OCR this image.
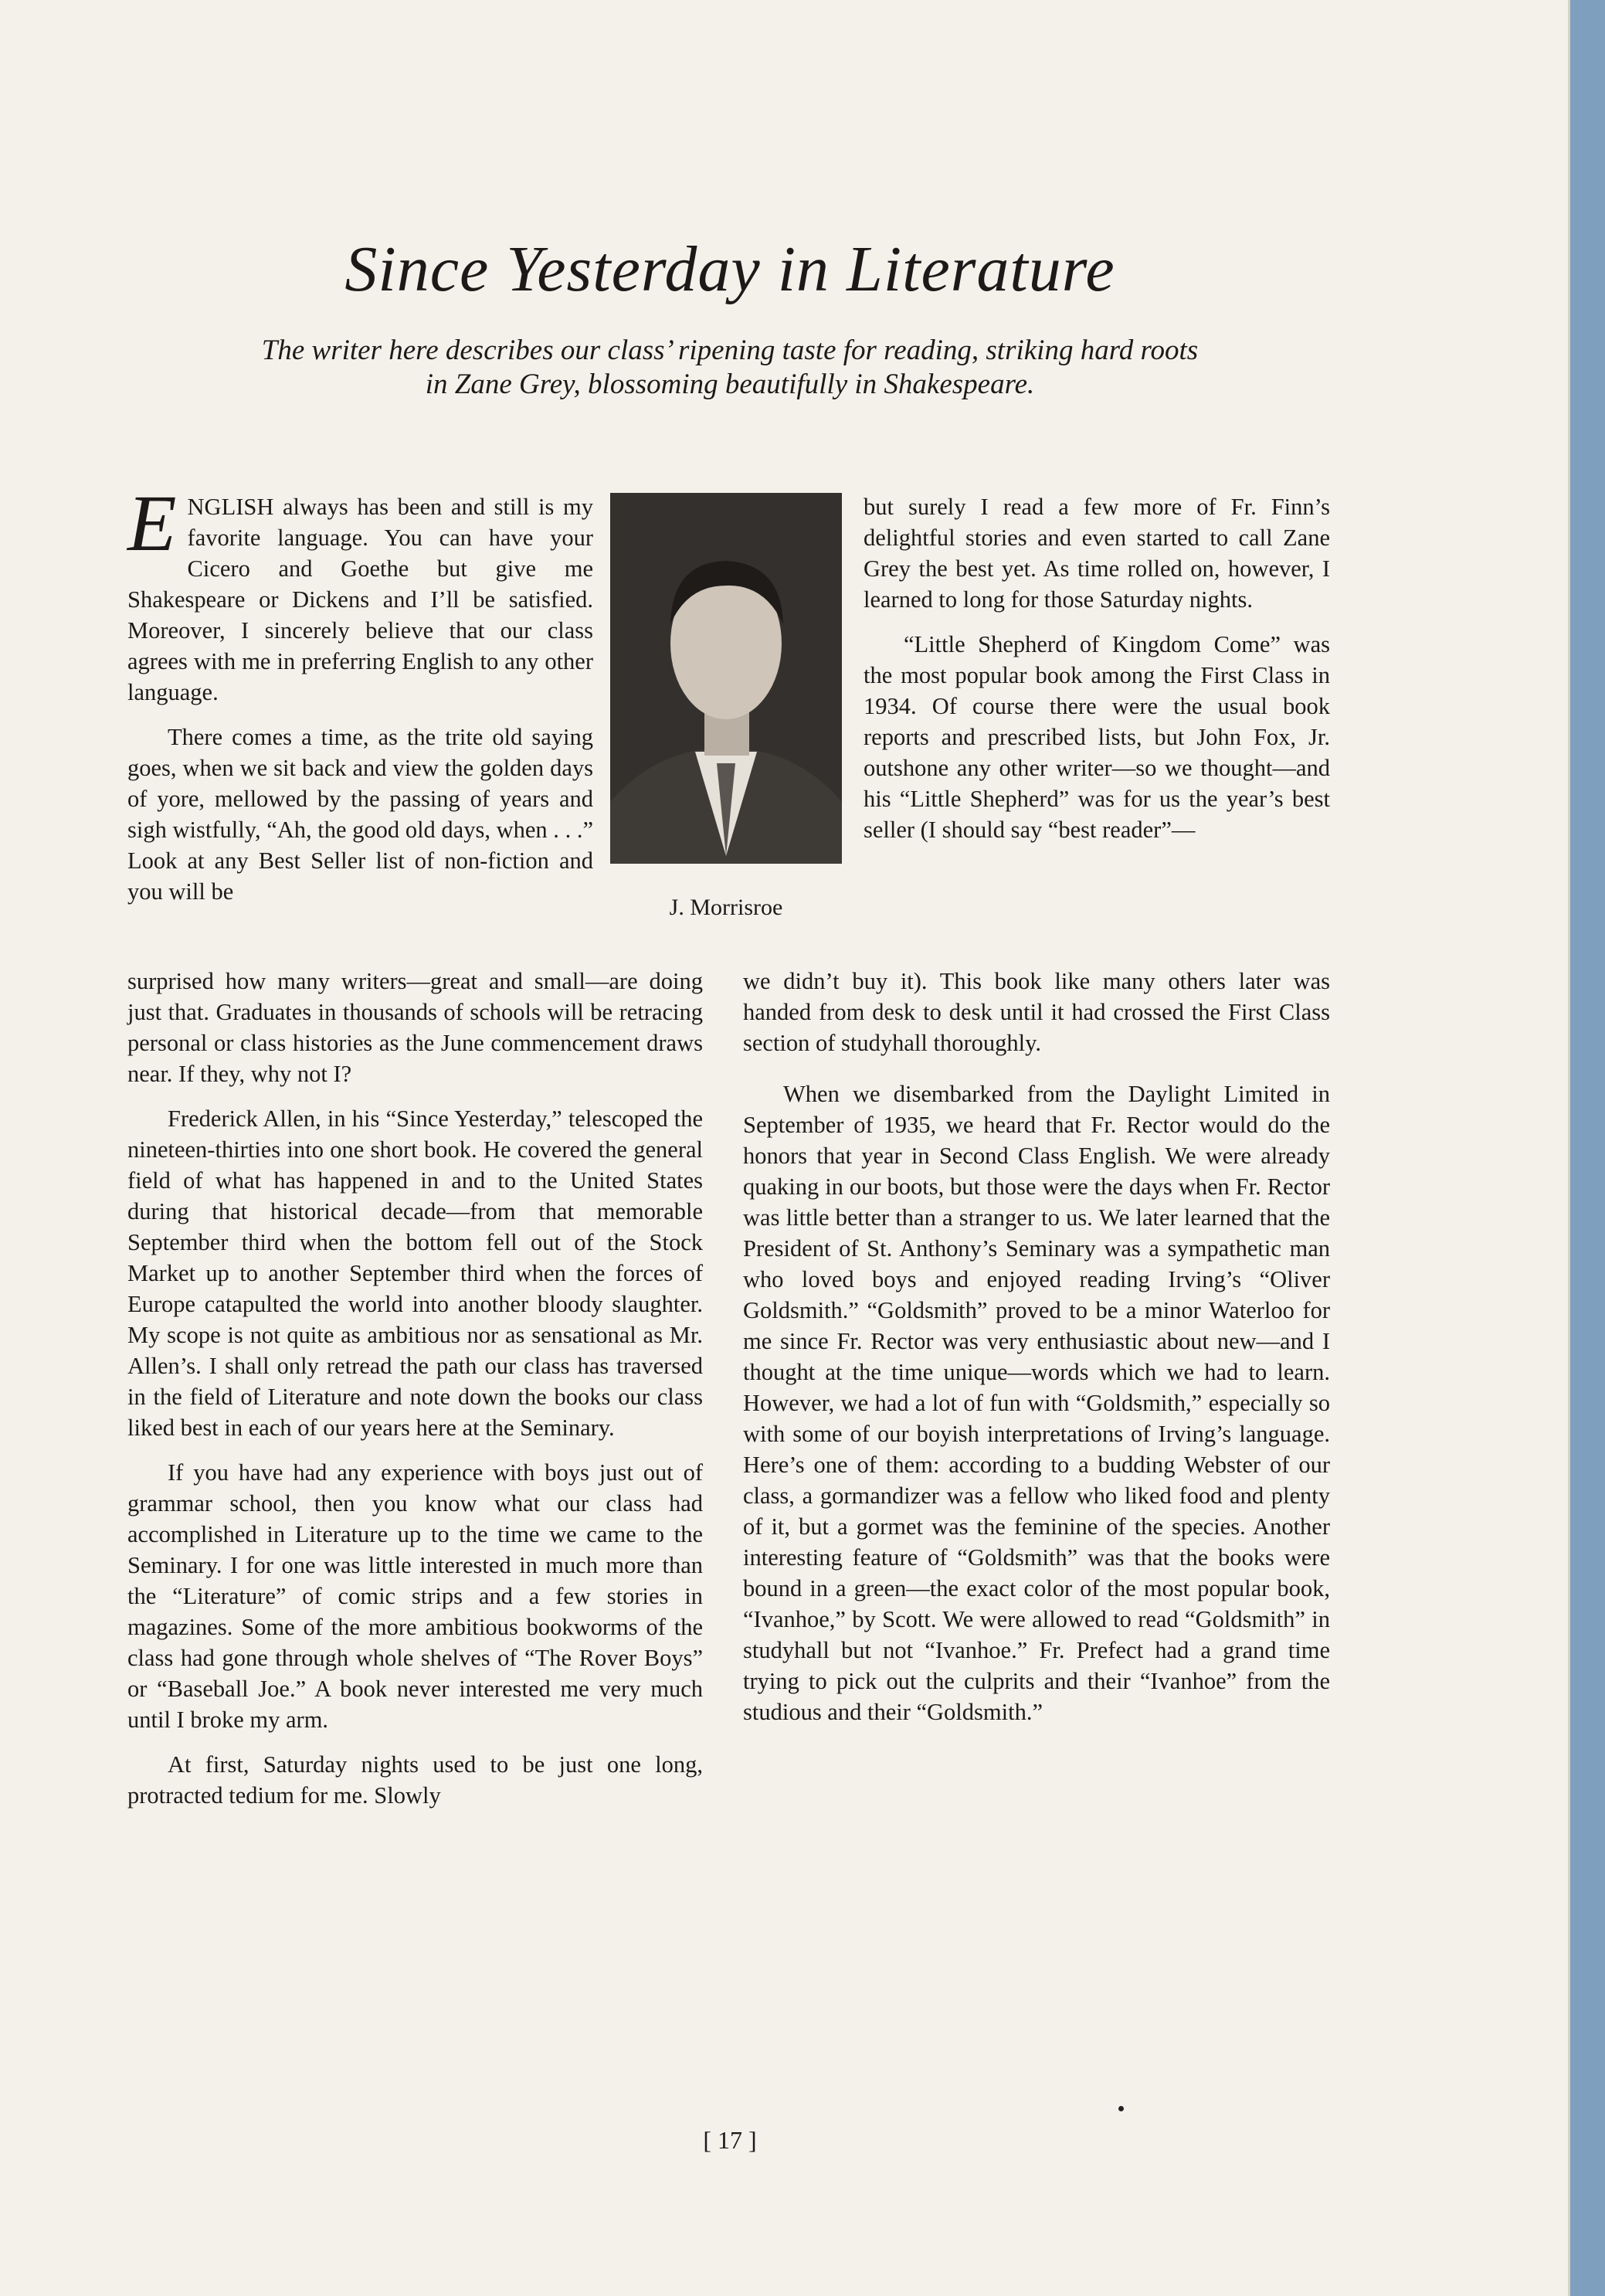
Since Yesterday in Literature

The writer here describes our class’ ripening taste for reading, striking hard roots in Zane Grey, blossoming beautifully in Shakespeare.

ENGLISH always has been and still is my favorite language. You can have your Cicero and Goethe but give me Shakespeare or Dickens and I’ll be satisfied. Moreover, I sincerely believe that our class agrees with me in preferring English to any other language.

There comes a time, as the trite old saying goes, when we sit back and view the golden days of yore, mellowed by the passing of years and sigh wistfully, “Ah, the good old days, when . . .” Look at any Best Seller list of non-fiction and you will be

J. Morrisroe

surprised how many writers—great and small—are doing just that. Graduates in thousands of schools will be retracing personal or class histories as the June commencement draws near. If they, why not I?

Frederick Allen, in his “Since Yesterday,” telescoped the nineteen-thirties into one short book. He covered the general field of what has happened in and to the United States during that historical decade—from that memorable September third when the bottom fell out of the Stock Market up to another September third when the forces of Europe catapulted the world into another bloody slaughter. My scope is not quite as ambitious nor as sensational as Mr. Allen’s. I shall only retread the path our class has traversed in the field of Literature and note down the books our class liked best in each of our years here at the Seminary.

If you have had any experience with boys just out of grammar school, then you know what our class had accomplished in Literature up to the time we came to the Seminary. I for one was little interested in much more than the “Literature” of comic strips and a few stories in magazines. Some of the more ambitious bookworms of the class had gone through whole shelves of “The Rover Boys” or “Baseball Joe.” A book never interested me very much until I broke my arm.

At first, Saturday nights used to be just one long, protracted tedium for me. Slowly

but surely I read a few more of Fr. Finn’s delightful stories and even started to call Zane Grey the best yet. As time rolled on, however, I learned to long for those Saturday nights.

“Little Shepherd of Kingdom Come” was the most popular book among the First Class in 1934. Of course there were the usual book reports and prescribed lists, but John Fox, Jr. outshone any other writer—so we thought—and his “Little Shepherd” was for us the year’s best seller (I should say “best reader”—

we didn’t buy it). This book like many others later was handed from desk to desk until it had crossed the First Class section of studyhall thoroughly.

When we disembarked from the Daylight Limited in September of 1935, we heard that Fr. Rector would do the honors that year in Second Class English. We were already quaking in our boots, but those were the days when Fr. Rector was little better than a stranger to us. We later learned that the President of St. Anthony’s Seminary was a sympathetic man who loved boys and enjoyed reading Irving’s “Oliver Goldsmith.” “Goldsmith” proved to be a minor Waterloo for me since Fr. Rector was very enthusiastic about new—and I thought at the time unique—words which we had to learn. However, we had a lot of fun with “Goldsmith,” especially so with some of our boyish interpretations of Irving’s language. Here’s one of them: according to a budding Webster of our class, a gormandizer was a fellow who liked food and plenty of it, but a gormet was the feminine of the species. Another interesting feature of “Goldsmith” was that the books were bound in a green—the exact color of the most popular book, “Ivanhoe,” by Scott. We were allowed to read “Goldsmith” in studyhall but not “Ivanhoe.” Fr. Prefect had a grand time trying to pick out the culprits and their “Ivanhoe” from the studious and their “Goldsmith.”

[ 17 ]
